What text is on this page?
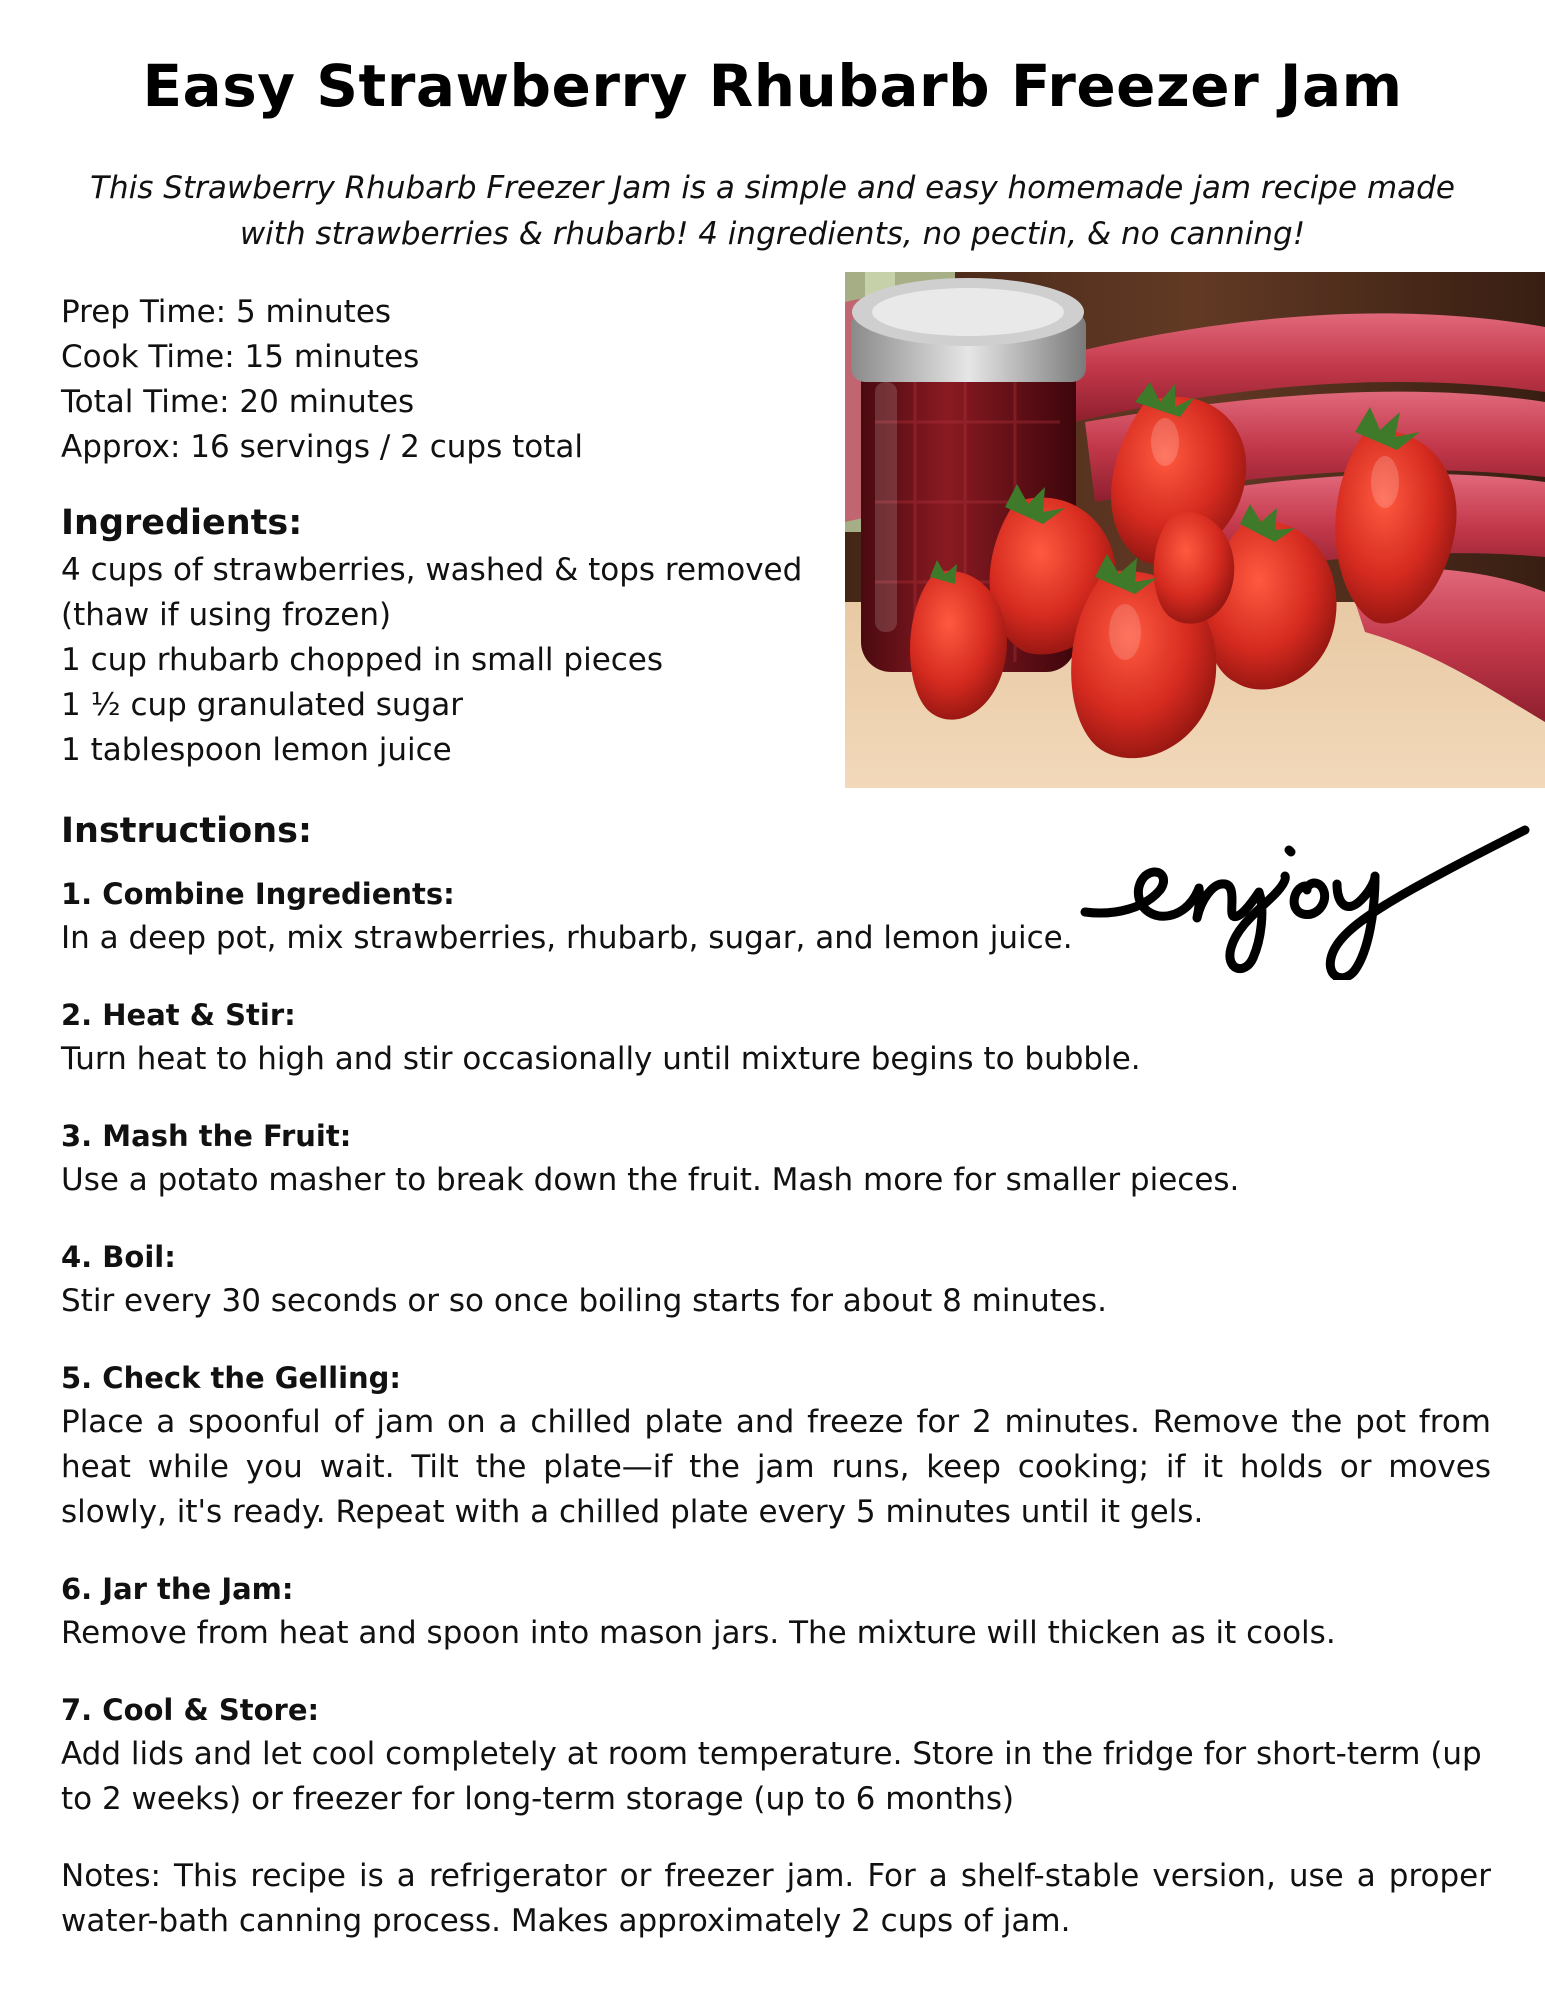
Easy Strawberry Rhubarb Freezer Jam
This Strawberry Rhubarb Freezer Jam is a simple and easy homemade jam recipe made
with strawberries & rhubarb! 4 ingredients, no pectin, & no canning!
Prep Time: 5 minutes
Cook Time: 15 minutes
Total Time: 20 minutes
Approx: 16 servings / 2 cups total
Ingredients:
4 cups of strawberries, washed & tops removed
(thaw if using frozen)
1 cup rhubarb chopped in small pieces
1 ½ cup granulated sugar
1 tablespoon lemon juice
Instructions:
1. Combine Ingredients:
In a deep pot, mix strawberries, rhubarb, sugar, and lemon juice.
2. Heat & Stir:
Turn heat to high and stir occasionally until mixture begins to bubble.
3. Mash the Fruit:
Use a potato masher to break down the fruit. Mash more for smaller pieces.
4. Boil:
Stir every 30 seconds or so once boiling starts for about 8 minutes.
5. Check the Gelling:
Place a spoonful of jam on a chilled plate and freeze for 2 minutes. Remove the pot from heat while you wait. Tilt the plate—if the jam runs, keep cooking; if it holds or moves slowly, it's ready. Repeat with a chilled plate every 5 minutes until it gels.
6. Jar the Jam:
Remove from heat and spoon into mason jars. The mixture will thicken as it cools.
7. Cool & Store:
Add lids and let cool completely at room temperature. Store in the fridge for short-term (up to 2 weeks) or freezer for long-term storage (up to 6 months)
Notes: This recipe is a refrigerator or freezer jam. For a shelf-stable version, use a proper water-bath canning process. Makes approximately 2 cups of jam.
